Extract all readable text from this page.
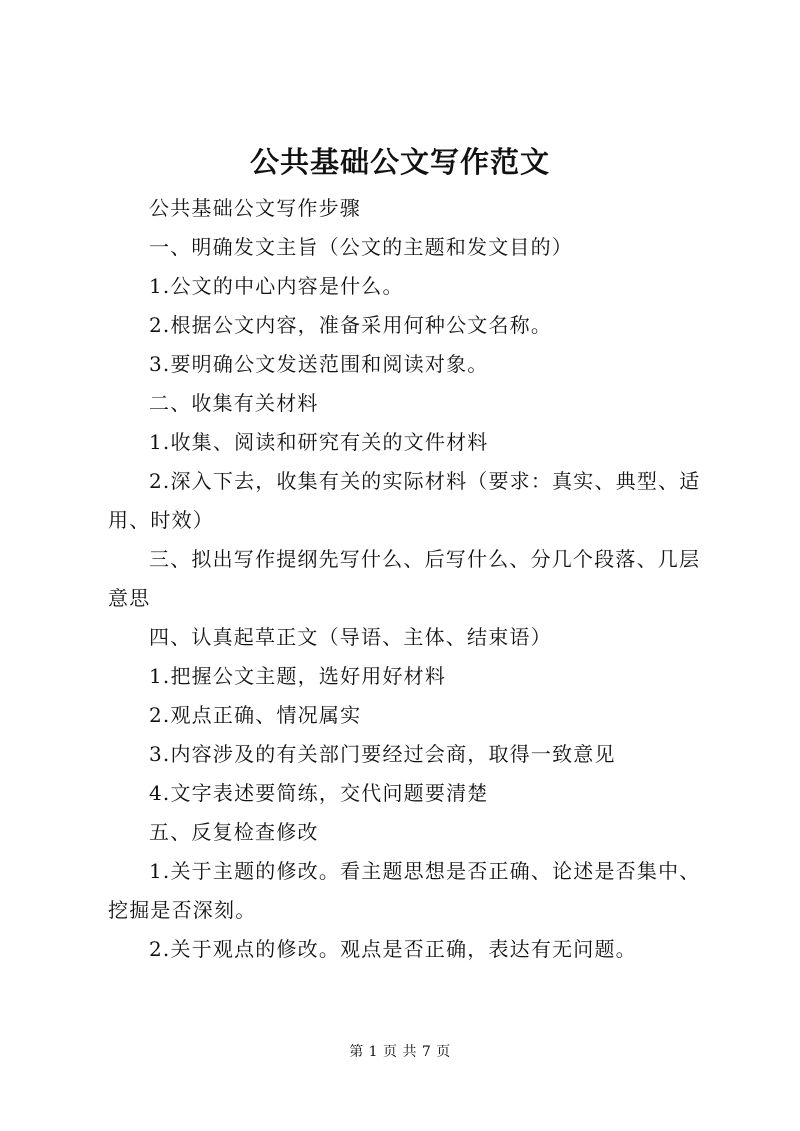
公共基础公文写作范文

公共基础公文写作步骤

一、明确发文主旨（公文的主题和发文目的）

1.公文的中心内容是什么。

2.根据公文内容，准备采用何种公文名称。

3.要明确公文发送范围和阅读对象。

二、收集有关材料

1.收集、阅读和研究有关的文件材料

2.深入下去，收集有关的实际材料（要求：真实、典型、适用、时效）

三、拟出写作提纲先写什么、后写什么、分几个段落、几层意思

四、认真起草正文（导语、主体、结束语）

1.把握公文主题，选好用好材料

2.观点正确、情况属实

3.内容涉及的有关部门要经过会商，取得一致意见

4.文字表述要简练，交代问题要清楚

五、反复检查修改

1.关于主题的修改。看主题思想是否正确、论述是否集中、挖掘是否深刻。

2.关于观点的修改。观点是否正确，表达有无问题。

第 1 页 共 7 页
